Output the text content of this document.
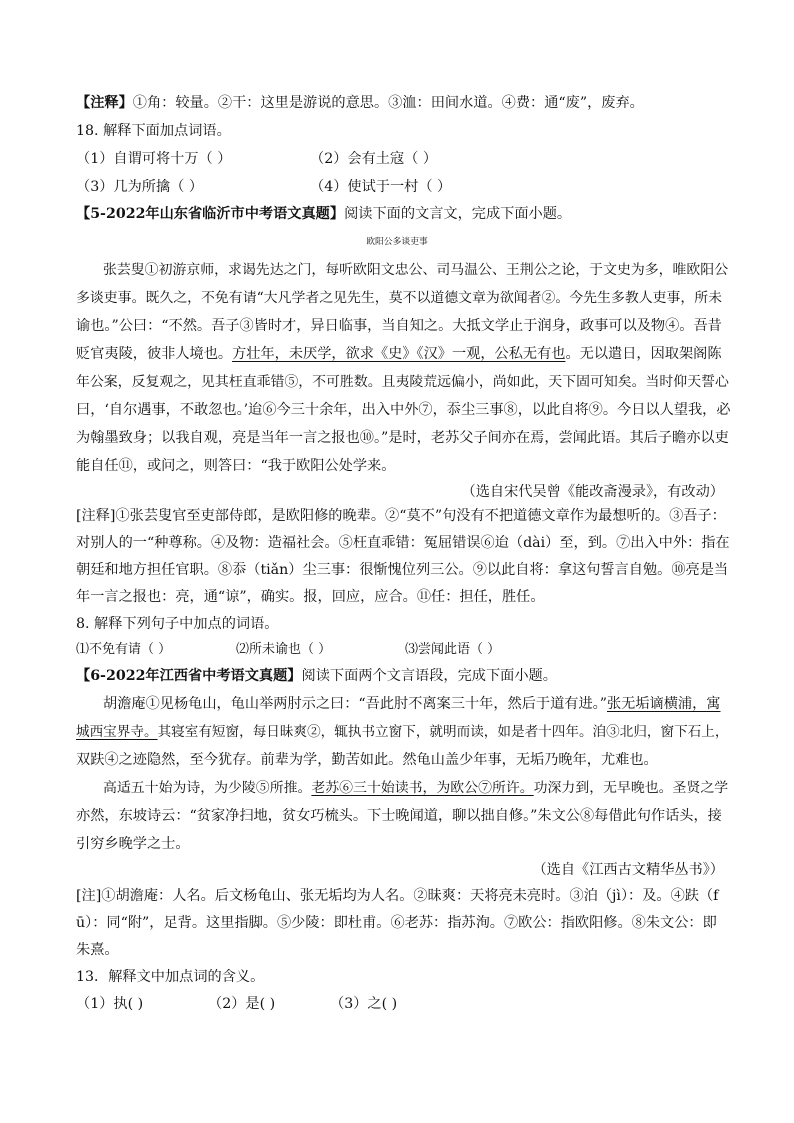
【注释】①角：较量。②干：这里是游说的意思。③洫：田间水道。④费：通“废”，废弃。
18. 解释下面加点词语。
（1）自谓可将十万（ ）	（2）会有土寇（ ）
（3）几为所擒（ ）	（4）使试于一村（ ）
【5-2022年山东省临沂市中考语文真题】阅读下面的文言文，完成下面小题。
欧阳公多谈吏事
张芸叟①初游京师，求谒先达之门，每听欧阳文忠公、司马温公、王荆公之论，于文史为多，唯欧阳公
多谈吏事。既久之，不免有请“大凡学者之见先生，莫不以道德文章为欲闻者②。今先生多教人吏事，所未
谕也。”公曰：“不然。吾子③皆时才，异日临事，当自知之。大抵文学止于润身，政事可以及物④。吾昔
贬官夷陵，彼非人境也。方壮年，未厌学，欲求《史》《汉》一观，公私无有也。无以遣日，因取架阁陈
年公案，反复观之，见其枉直乖错⑤，不可胜数。且夷陵荒远偏小，尚如此，天下固可知矣。当时仰天誓心
曰，‘自尔遇事，不敢忽也。’迨⑥今三十余年，出入中外⑦，忝尘三事⑧，以此自将⑨。今日以人望我，必
为翰墨致身；以我自观，亮是当年一言之报也⑩。”是时，老苏父子间亦在焉，尝闻此语。其后子瞻亦以吏
能自任⑪，或问之，则答曰：“我于欧阳公处学来。
（选自宋代吴曾《能改斋漫录》，有改动）
[注释]①张芸叟官至吏部侍郎，是欧阳修的晚辈。②“莫不”句没有不把道德文章作为最想听的。③吾子：
对别人的一“种尊称。④及物：造福社会。⑤枉直乖错：冤屈错误⑥迨（dài）至，到。⑦出入中外：指在
朝廷和地方担任官职。⑧忝（tiǎn）尘三事：很惭愧位列三公。⑨以此自将：拿这句誓言自勉。⑩亮是当
年一言之报也：亮，通“谅”，确实。报，回应，应合。⑪任：担任，胜任。
8. 解释下列句子中加点的词语。
⑴不免有请（ ）	⑵所未谕也（ ）	⑶尝闻此语（ ）
【6-2022年江西省中考语文真题】阅读下面两个文言语段，完成下面小题。
胡澹庵①见杨龟山，龟山举两肘示之曰：“吾此肘不离案三十年，然后于道有进。”张无垢谪横浦，寓
城西宝界寺。其寝室有短窗，每日昧爽②，辄执书立窗下，就明而读，如是者十四年。洎③北归，窗下石上，
双趺④之迹隐然，至今犹存。前辈为学，勤苦如此。然龟山盖少年事，无垢乃晚年，尤难也。
高适五十始为诗，为少陵⑤所推。老苏⑥三十始读书，为欧公⑦所许。功深力到，无早晚也。圣贤之学
亦然，东坡诗云：“贫家净扫地，贫女巧梳头。下士晚闻道，聊以拙自修。”朱文公⑧每借此句作话头，接
引穷乡晚学之士。
（选自《江西古文精华丛书》）
[注]①胡澹庵：人名。后文杨龟山、张无垢均为人名。②昧爽：天将亮未亮时。③泊（jì）：及。④趺（f
ū）：同“附”，足背。这里指脚。⑤少陵：即杜甫。⑥老苏：指苏洵。⑦欧公：指欧阳修。⑧朱文公：即
朱熹。
13．解释文中加点词的含义。
（1）执( )	（2）是( )	（3）之( )
